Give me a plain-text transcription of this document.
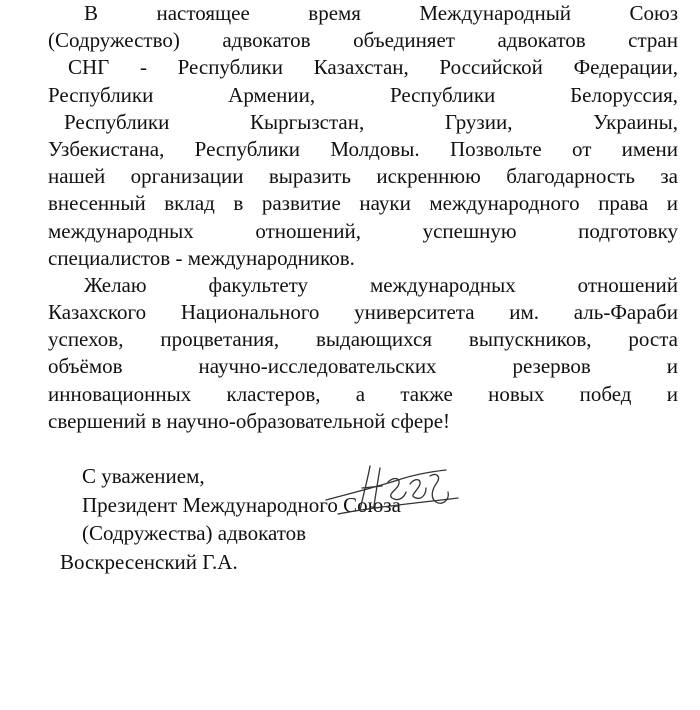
В настоящее время Международный Союз
(Содружество) адвокатов объединяет адвокатов стран
СНГ - Республики Казахстан, Российской Федерации,
Республики Армении, Республики Белоруссия,
Республики Кыргызстан, Грузии, Украины,
Узбекистана, Республики Молдовы. Позвольте от имени
нашей организации выразить искреннюю благодарность за
внесенный вклад в развитие науки международного права и
международных отношений, успешную подготовку
специалистов - международников.
Желаю факультету международных отношений
Казахского Национального университета им. аль-Фараби
успехов, процветания, выдающихся выпускников, роста
объёмов научно-исследовательских резервов и
инновационных кластеров, а также новых побед и
свершений в научно-образовательной сфере!
С уважением,
Президент Международного Союза
(Содружества) адвокатов
Воскресенский Г.А.
